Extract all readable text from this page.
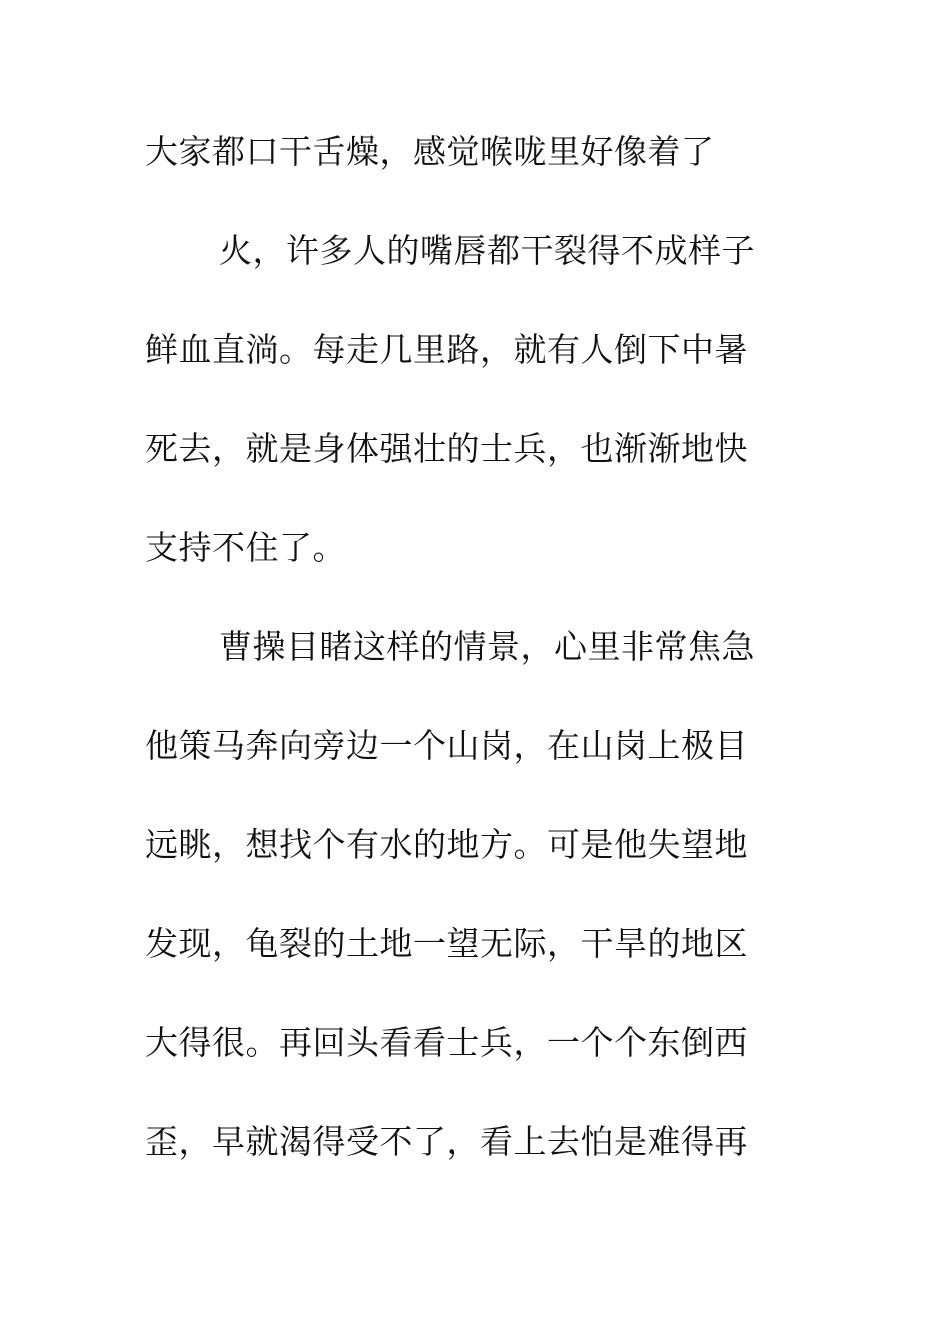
大家都口干舌燥，感觉喉咙里好像着了
火，许多人的嘴唇都干裂得不成样子
鲜血直淌。每走几里路，就有人倒下中暑
死去，就是身体强壮的士兵，也渐渐地快
支持不住了。
曹操目睹这样的情景，心里非常焦急
他策马奔向旁边一个山岗，在山岗上极目
远眺，想找个有水的地方。可是他失望地
发现，龟裂的土地一望无际，干旱的地区
大得很。再回头看看士兵，一个个东倒西
歪，早就渴得受不了，看上去怕是难得再
